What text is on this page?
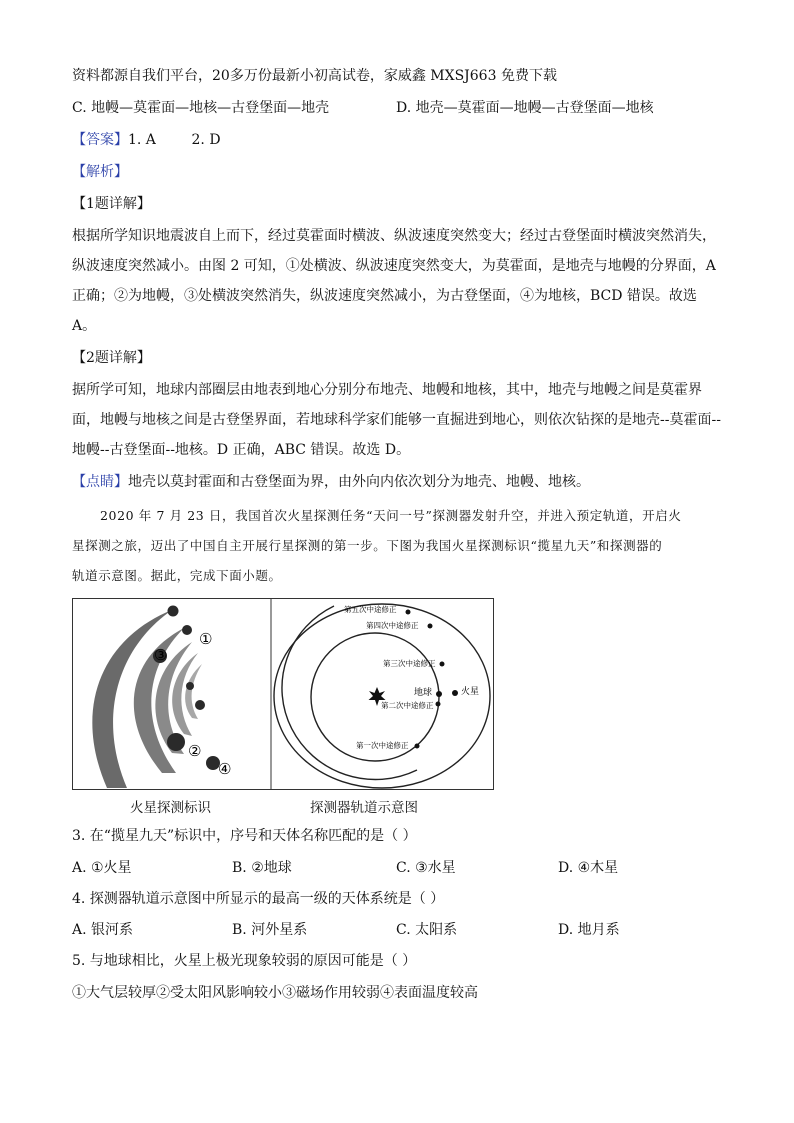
资料都源自我们平台，20多万份最新小初高试卷，家威鑫 MXSJ663 免费下载
C. 地幔—莫霍面—地核—古登堡面—地壳	D. 地壳—莫霍面—地幔—古登堡面—地核
【答案】1. A        2. D
【解析】
【1题详解】
根据所学知识地震波自上而下，经过莫霍面时横波、纵波速度突然变大；经过古登堡面时横波突然消失，
纵波速度突然减小。由图 2 可知，①处横波、纵波速度突然变大，为莫霍面，是地壳与地幔的分界面，A
正确；②为地幔，③处横波突然消失，纵波速度突然减小，为古登堡面，④为地核，BCD 错误。故选
A。
【2题详解】
据所学可知，地球内部圈层由地表到地心分别分布地壳、地幔和地核，其中，地壳与地幔之间是莫霍界
面，地幔与地核之间是古登堡界面，若地球科学家们能够一直掘进到地心，则依次钻探的是地壳--莫霍面--
地幔--古登堡面--地核。D 正确，ABC 错误。故选 D。
【点睛】地壳以莫封霍面和古登堡面为界，由外向内依次划分为地壳、地幔、地核。
2020 年 7 月 23 日，我国首次火星探测任务“天问一号”探测器发射升空，并进入预定轨道，开启火
星探测之旅，迈出了中国自主开展行星探测的第一步。下图为我国火星探测标识“揽星九天”和探测器的
轨道示意图。据此，完成下面小题。
①
③
②
④
第五次中途修正
第四次中途修正
第三次中途修正
地球	火星
第二次中途修正
第一次中途修正
火星探测标识	探测器轨道示意图
3. 在“揽星九天”标识中，序号和天体名称匹配的是（ ）
A. ①火星	B. ②地球	C. ③水星	D. ④木星
4. 探测器轨道示意图中所显示的最高一级的天体系统是（ ）
A. 银河系	B. 河外星系	C. 太阳系	D. 地月系
5. 与地球相比，火星上极光现象较弱的原因可能是（ ）
①大气层较厚②受太阳风影响较小③磁场作用较弱④表面温度较高
